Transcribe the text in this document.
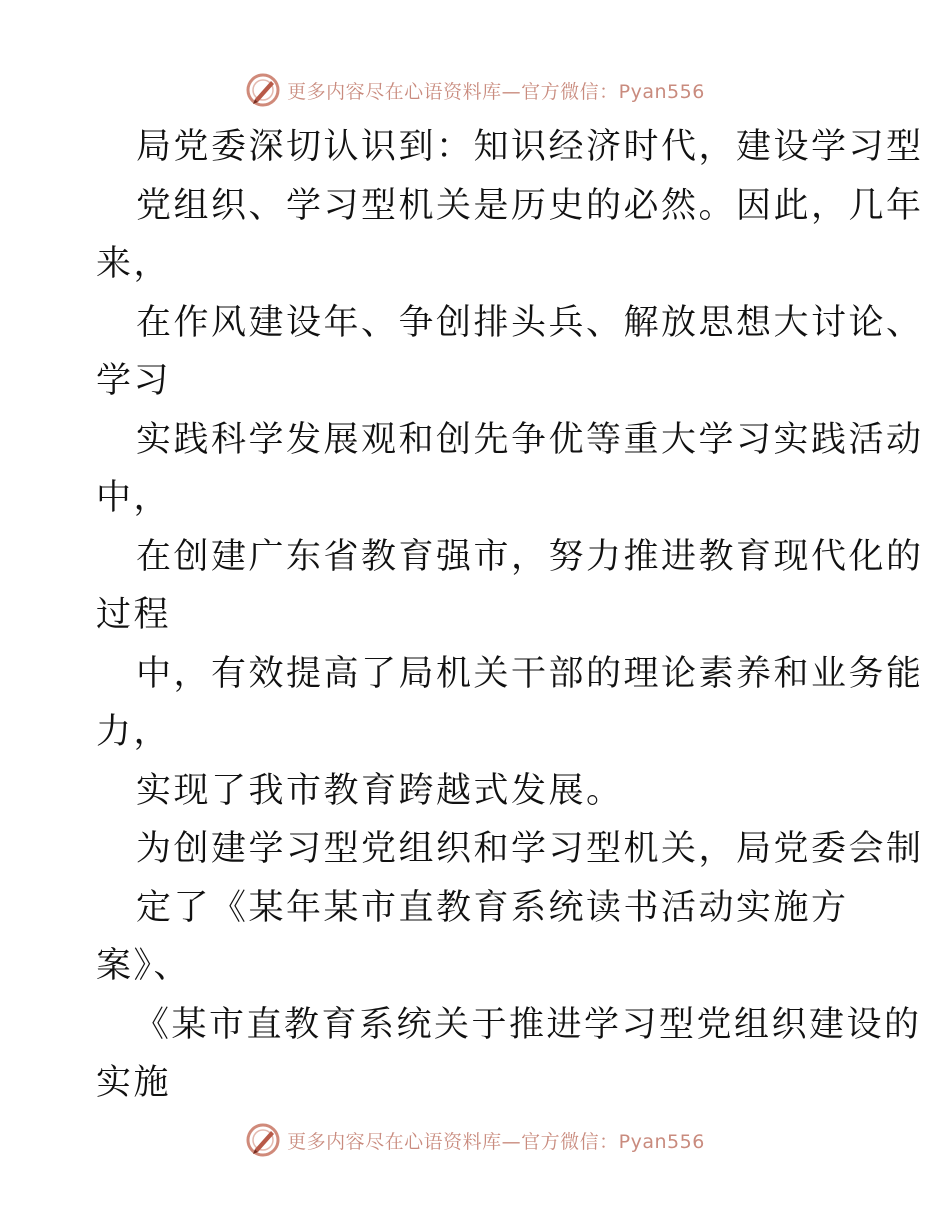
更多内容尽在心语资料库—官方微信：Pyan556
局党委深切认识到：知识经济时代，建设学习型
党组织、学习型机关是历史的必然。因此，几年
来，
在作风建设年、争创排头兵、解放思想大讨论、
学习
实践科学发展观和创先争优等重大学习实践活动
中，
在创建广东省教育强市，努力推进教育现代化的
过程
中，有效提高了局机关干部的理论素养和业务能
力，
实现了我市教育跨越式发展。
为创建学习型党组织和学习型机关，局党委会制
定了《某年某市直教育系统读书活动实施方
案》、
《某市直教育系统关于推进学习型党组织建设的
实施
更多内容尽在心语资料库—官方微信：Pyan556
